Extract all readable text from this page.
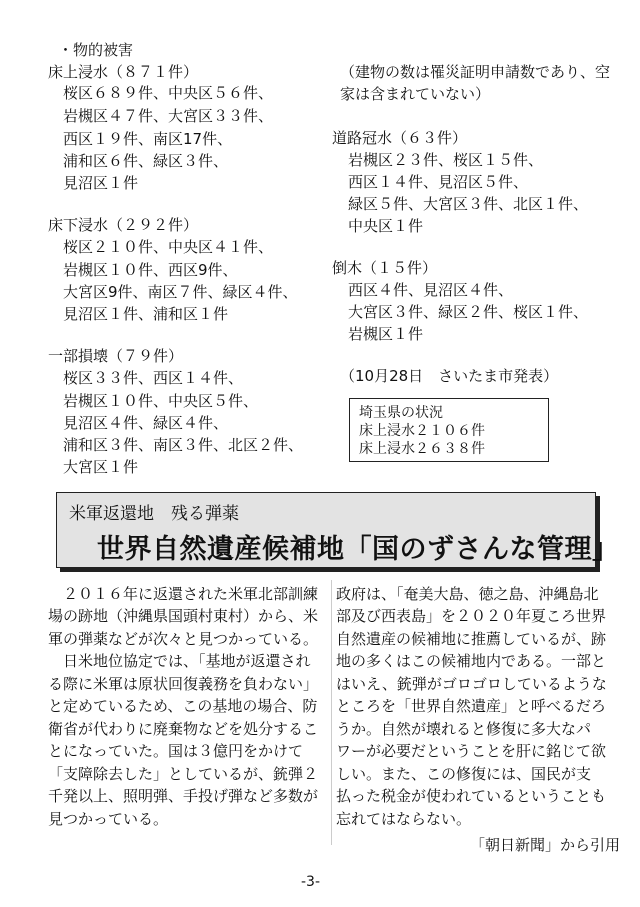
・物的被害
床上浸水（８７１件）
桜区６８９件、中央区５６件、
岩槻区４７件、大宮区３３件、
西区１９件、南区17件、
浦和区６件、緑区３件、
見沼区１件
床下浸水（２９２件）
桜区２１０件、中央区４１件、
岩槻区１０件、西区9件、
大宮区9件、南区７件、緑区４件、
見沼区１件、浦和区１件
一部損壊（７９件）
桜区３３件、西区１４件、
岩槻区１０件、中央区５件、
見沼区４件、緑区４件、
浦和区３件、南区３件、北区２件、
大宮区１件
（建物の数は罹災証明申請数であり、空
家は含まれていない）
道路冠水（６３件）
岩槻区２３件、桜区１５件、
西区１４件、見沼区５件、
緑区５件、大宮区３件、北区１件、
中央区１件
倒木（１５件）
西区４件、見沼区４件、
大宮区３件、緑区２件、桜区１件、
岩槻区１件
（10月28日　さいたま市発表）
埼玉県の状況
床上浸水２１０６件
床上浸水２６３８件
米軍返還地　残る弾薬
世界自然遺産候補地「国のずさんな管理」
　２０１６年に返還された米軍北部訓練
場の跡地（沖縄県国頭村東村）から、米
軍の弾薬などが次々と見つかっている。
　日米地位協定では、「基地が返還され
る際に米軍は原状回復義務を負わない」
と定めているため、この基地の場合、防
衛省が代わりに廃棄物などを処分するこ
とになっていた。国は３億円をかけて
「支障除去した」としているが、銃弾２
千発以上、照明弾、手投げ弾など多数が
見つかっている。
政府は、「奄美大島、徳之島、沖縄島北
部及び西表島」を２０２０年夏ころ世界
自然遺産の候補地に推薦しているが、跡
地の多くはこの候補地内である。一部と
はいえ、銃弾がゴロゴロしているような
ところを「世界自然遺産」と呼べるだろ
うか。自然が壊れると修復に多大なパ
ワーが必要だということを肝に銘じて欲
しい。また、この修復には、国民が支
払った税金が使われているということも
忘れてはならない。
「朝日新聞」から引用
-3-
